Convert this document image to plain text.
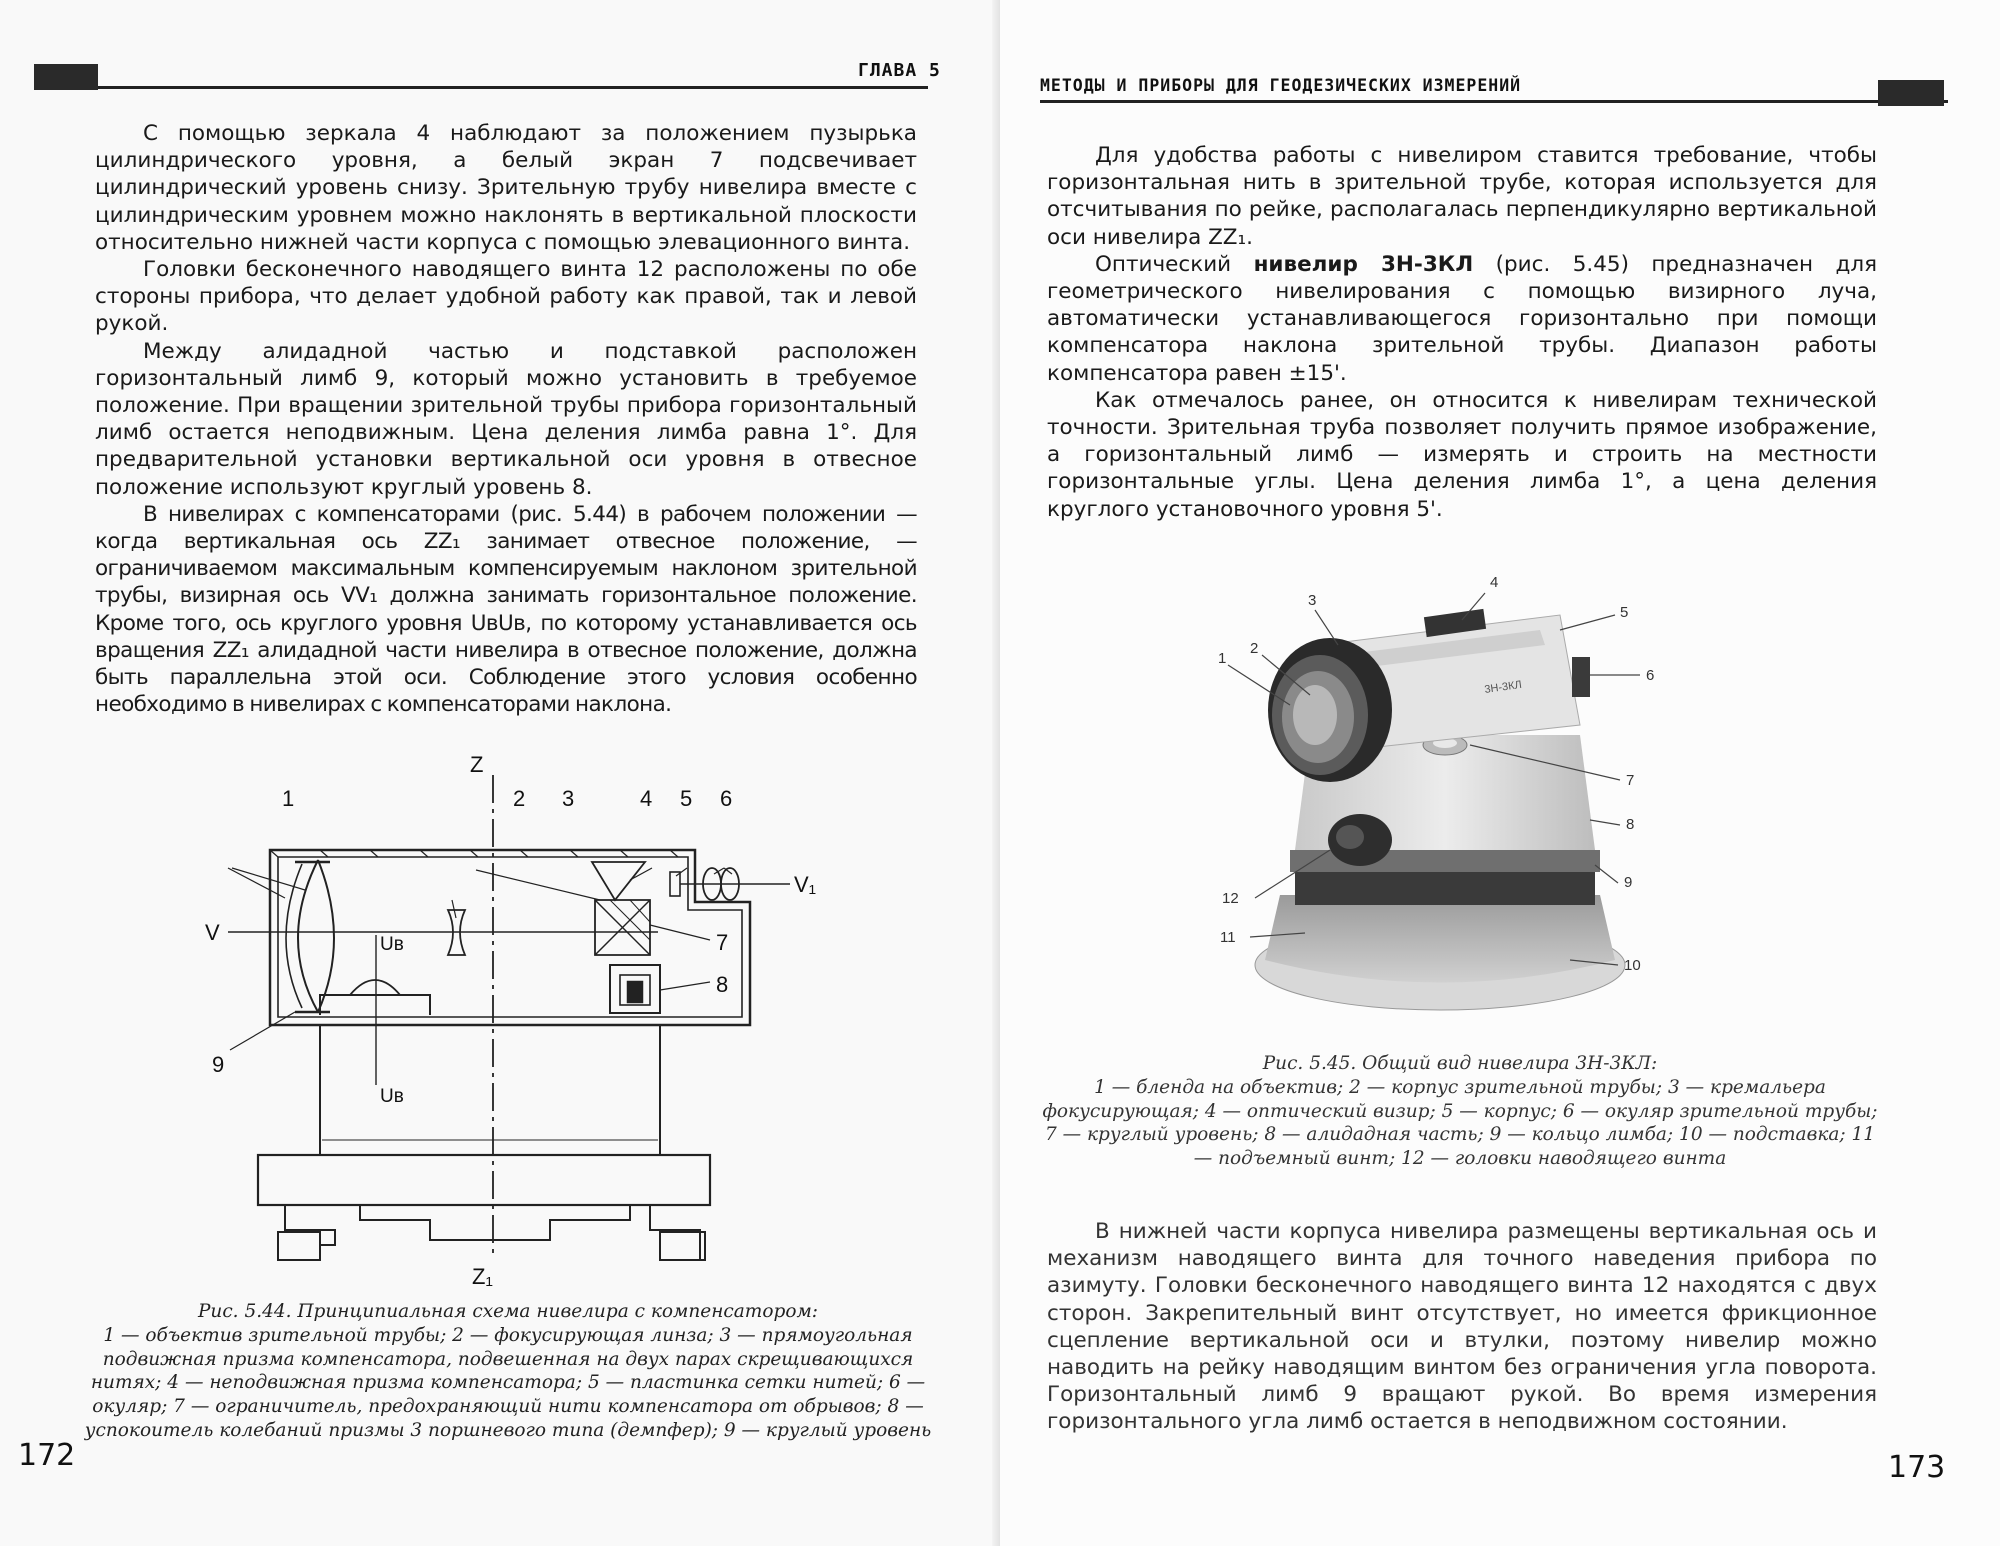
ГЛАВА 5

С помощью зеркала 4 наблюдают за положением пузырька цилиндрического уровня, а белый экран 7 подсвечивает цилиндрический уровень снизу. Зрительную трубу нивелира вместе с цилиндрическим уровнем можно наклонять в вертикальной плоскости относительно нижней части корпуса с помощью элевационного винта.

Головки бесконечного наводящего винта 12 расположены по обе стороны прибора, что делает удобной работу как правой, так и левой рукой.

Между алидадной частью и подставкой расположен горизонтальный лимб 9, который можно установить в требуемое положение. При вращении зрительной трубы прибора горизонтальный лимб остается неподвижным. Цена деления лимба равна 1°. Для предварительной установки вертикальной оси уровня в отвесное положение используют круглый уровень 8.

В нивелирах с компенсаторами (рис. 5.44) в рабочем положении — когда вертикальная ось ZZ₁ занимает отвесное положение, — ограничиваемом максимальным компенсируемым наклоном зрительной трубы, визирная ось VV₁ должна занимать горизонтальное положение. Кроме того, ось круглого уровня UвUв, по которому устанавливается ось вращения ZZ₁ алидадной части нивелира в отвесное положение, должна быть параллельна этой оси. Соблюдение этого условия особенно необходимо в нивелирах с компенсаторами наклона.

Z
Z₁
V
V₁
Uв
Uв
1	2 3	4 5 6
7
8
9
Рис. 5.44. Принципиальная схема нивелира с компенсатором:
1 — объектив зрительной трубы; 2 — фокусирующая линза; 3 — прямоугольная подвижная призма компенсатора, подвешенная на двух парах скрещивающихся нитях; 4 — неподвижная призма компенсатора; 5 — пластинка сетки нитей; 6 — окуляр; 7 — ограничитель, предохраняющий нити компенсатора от обрывов; 8 — успокоитель колебаний призмы 3 поршневого типа (демпфер); 9 — круглый уровень
172
МЕТОДЫ И ПРИБОРЫ ДЛЯ ГЕОДЕЗИЧЕСКИХ ИЗМЕРЕНИЙ

Для удобства работы с нивелиром ставится требование, чтобы горизонтальная нить в зрительной трубе, которая используется для отсчитывания по рейке, располагалась перпендикулярно вертикальной оси нивелира ZZ₁.

Оптический нивелир 3Н-3КЛ (рис. 5.45) предназначен для геометрического нивелирования с помощью визирного луча, автоматически устанавливающегося горизонтально при помощи компенсатора наклона зрительной трубы. Диапазон работы компенсатора равен ±15'.

Как отмечалось ранее, он относится к нивелирам технической точности. Зрительная труба позволяет получить прямое изображение, а горизонтальный лимб — измерять и строить на местности горизонтальные углы. Цена деления лимба 1°, а цена деления круглого установочного уровня 5'.

3Н-3КЛ
1
2
3
4
5
6
7
8
9
10
11
12
Рис. 5.45. Общий вид нивелира 3Н-3КЛ:
1 — бленда на объектив; 2 — корпус зрительной трубы; 3 — кремальера фокусирующая; 4 — оптический визир; 5 — корпус; 6 — окуляр зрительной трубы; 7 — круглый уровень; 8 — алидадная часть; 9 — кольцо лимба; 10 — подставка; 11 — подъемный винт; 12 — головки наводящего винта

В нижней части корпуса нивелира размещены вертикальная ось и механизм наводящего винта для точного наведения прибора по азимуту. Головки бесконечного наводящего винта 12 находятся с двух сторон. Закрепительный винт отсутствует, но имеется фрикционное сцепление вертикальной оси и втулки, поэтому нивелир можно наводить на рейку наводящим винтом без ограничения угла поворота. Горизонтальный лимб 9 вращают рукой. Во время измерения горизонтального угла лимб остается в неподвижном состоянии.

173
